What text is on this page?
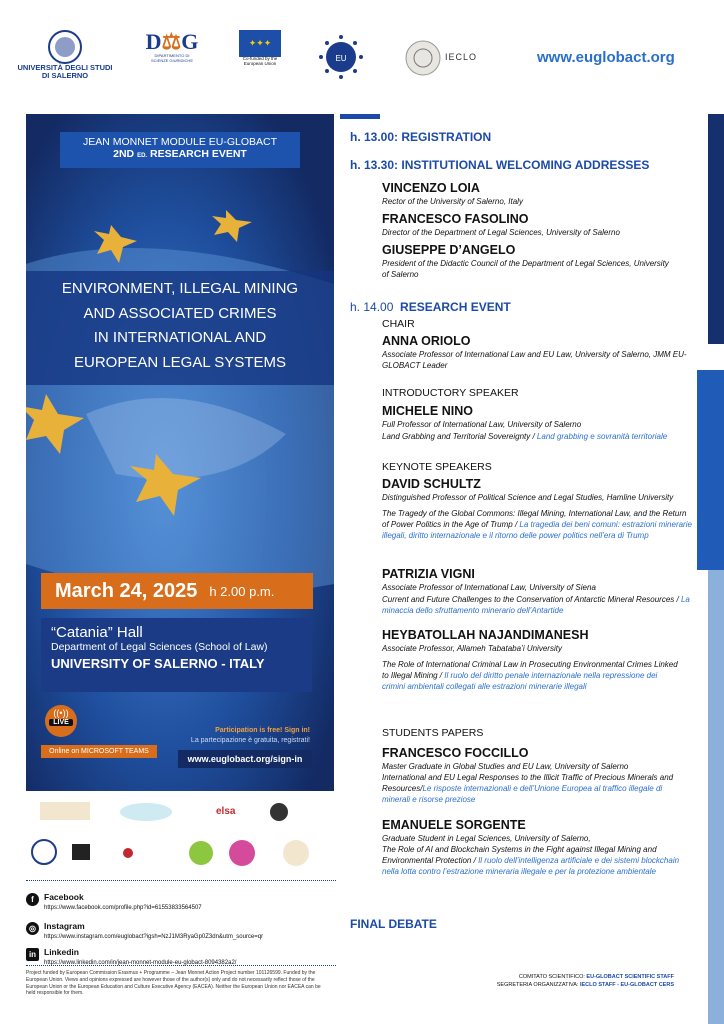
UNIVERSITÀ DEGLI STUDI
DI SALERNO
D⚖G
DIPARTIMENTO DI SCIENZE GIURIDICHE
✦✦✦
Co-funded by the European Union
EU	IECLO	www.euglobact.org
JEAN MONNET MODULE EU-GLOBACT
2ND ED. RESEARCH EVENT
ENVIRONMENT, ILLEGAL MINING
AND ASSOCIATED CRIMES
IN INTERNATIONAL AND
EUROPEAN LEGAL SYSTEMS
March 24, 2025 h 2.00 p.m.
“Catania” Hall
Department of Legal Sciences (School of Law)
UNIVERSITY OF SALERNO - ITALY
((•))
LIVE
Online on MICROSOFT TEAMS
Participation is free! Sign in!
La partecipazione è gratuita, registrati!
www.euglobact.org/sign-in
h. 13.00: REGISTRATION
h. 13.30: INSTITUTIONAL WELCOMING ADDRESSES
VINCENZO LOIA
Rector of the University of Salerno, Italy
FRANCESCO FASOLINO
Director of the Department of Legal Sciences, University of Salerno
GIUSEPPE D’ANGELO
President of the Didactic Council of the Department of Legal Sciences, University of Salerno
h. 14.00 RESEARCH EVENT
CHAIR
ANNA ORIOLO
Associate Professor of International Law and EU Law, University of Salerno, JMM EU-GLOBACT Leader
INTRODUCTORY SPEAKER
MICHELE NINO
Full Professor of International Law, University of Salerno
Land Grabbing and Territorial Sovereignty / Land grabbing e sovranità territoriale
KEYNOTE SPEAKERS
DAVID SCHULTZ
Distinguished Professor of Political Science and Legal Studies, Hamline University
The Tragedy of the Global Commons: Illegal Mining, International Law, and the Return of Power Politics in the Age of Trump / La tragedia dei beni comuni: estrazioni minerarie illegali, diritto internazionale e il ritorno delle power politics nell’era di Trump
PATRIZIA VIGNI
Associate Professor of International Law, University of Siena
Current and Future Challenges to the Conservation of Antarctic Mineral Resources / La minaccia dello sfruttamento minerario dell’Antartide
HEYBATOLLAH NAJANDIMANESH
Associate Professor, Allameh Tabataba’i University
The Role of International Criminal Law in Prosecuting Environmental Crimes Linked to Illegal Mining / Il ruolo del diritto penale internazionale nella repressione dei crimini ambientali collegati alle estrazioni minerarie illegali
STUDENTS PAPERS
FRANCESCO FOCCILLO
Master Graduate in Global Studies and EU Law, University of Salerno
International and EU Legal Responses to the Illicit Traffic of Precious Minerals and Resources/Le risposte internazionali e dell’Unione Europea al traffico illegale di minerali e risorse preziose
EMANUELE SORGENTE
Graduate Student in Legal Sciences, University of Salerno,
The Role of AI and Blockchain Systems in the Fight against Illegal Mining and Environmental Protection / Il ruolo dell’intelligenza artificiale e dei sistemi blockchain nella lotta contro l’estrazione mineraria illegale e per la protezione ambientale
FINAL DEBATE
elsa
f	Facebook
https://www.facebook.com/profile.php?id=61553833564507
◎ Instagram
https://www.instagram.com/euglobact?igsh=NzJ1M3RyaGp0Z3dn&utm_source=qr
in Linkedin
https://www.linkedin.com/in/jean-monnet-module-eu-globact-8094382a2/
Project funded by European Commission Erasmus + Programme – Jean Monnet Action Project number 101126599. Funded by the European Union. Views and opinions expressed are however those of the author(s) only and do not necessarily reflect those of the European Union or the European Education and Culture Executive Agency (EACEA). Neither the European Union nor EACEA can be held responsible for them.
COMITATO SCIENTIFICO: EU-GLOBACT SCIENTIFIC STAFF
SEGRETERIA ORGANIZZATIVA: IECLO STAFF - EU-GLOBACT CERS
